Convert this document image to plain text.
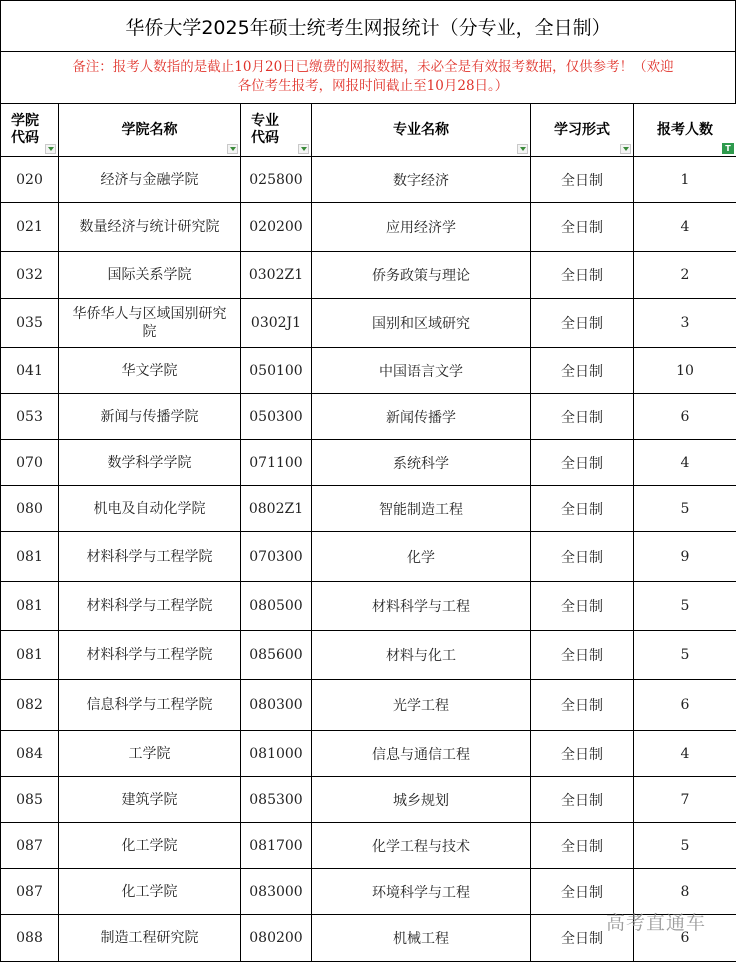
华侨大学2025年硕士统考生网报统计（分专业，全日制）
备注：报考人数指的是截止10月20日已缴费的网报数据，未必全是有效报考数据，仅供参考！（欢迎各位考生报考，网报时间截止至10月28日。）
学院代码	学院名称	专业代码	专业名称	学习形式	报考人数
T

020	经济与金融学院	025800	数字经济	全日制	1
021	数量经济与统计研究院	020200	应用经济学	全日制	4
032	国际关系学院	0302Z1	侨务政策与理论	全日制	2
035	华侨华人与区域国别研究院	0302J1	国别和区域研究	全日制	3
041	华文学院	050100	中国语言文学	全日制	10
053	新闻与传播学院	050300	新闻传播学	全日制	6
070	数学科学学院	071100	系统科学	全日制	4
080	机电及自动化学院	0802Z1	智能制造工程	全日制	5
081	材料科学与工程学院	070300	化学	全日制	9
081	材料科学与工程学院	080500	材料科学与工程	全日制	5
081	材料科学与工程学院	085600	材料与化工	全日制	5
082	信息科学与工程学院	080300	光学工程	全日制	6
084	工学院	081000	信息与通信工程	全日制	4
085	建筑学院	085300	城乡规划	全日制	7
087	化工学院	081700	化学工程与技术	全日制	5
087	化工学院	083000	环境科学与工程	全日制	8
088	制造工程研究院	080200	机械工程	全日制	6
高考直通车
